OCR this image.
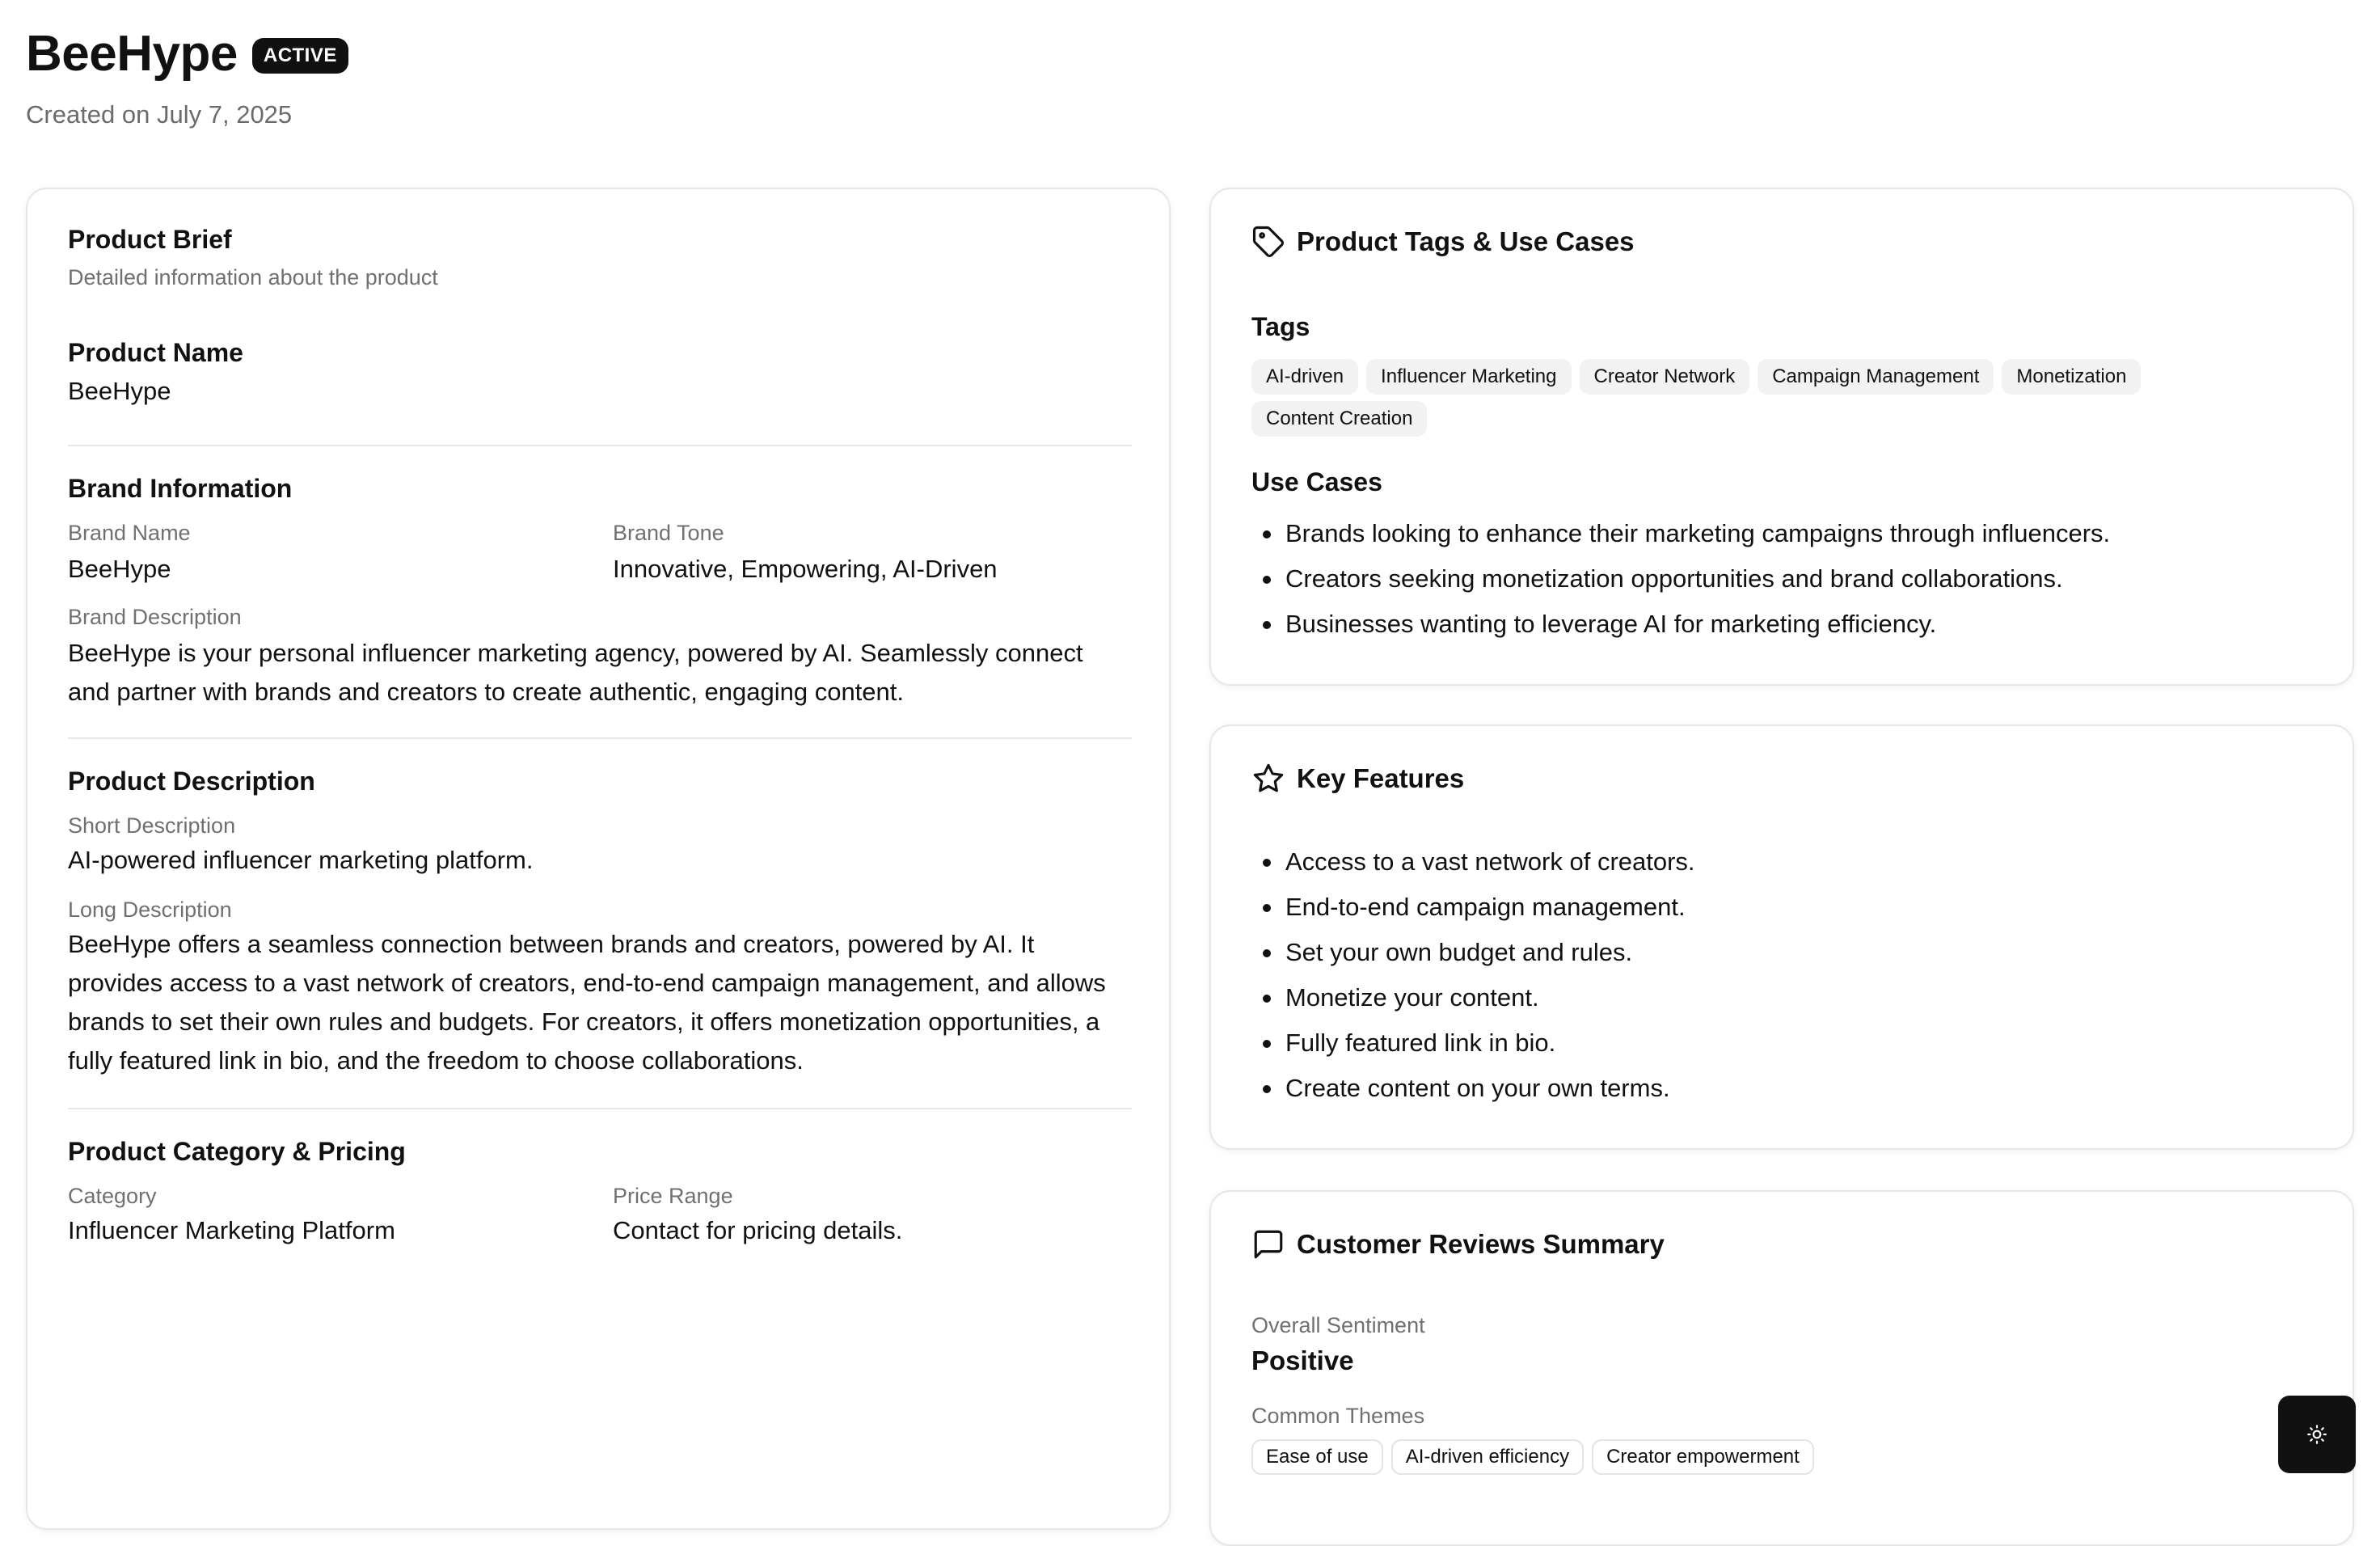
BeeHype	ACTIVE
Created on July 7, 2025
Product Brief
Detailed information about the product
Product Name
BeeHype
Brand Information
Brand Name
BeeHype
Brand Tone
Innovative, Empowering, AI-Driven
Brand Description
BeeHype is your personal influencer marketing agency, powered by AI. Seamlessly connect and partner with brands and creators to create authentic, engaging content.
Product Description
Short Description
AI-powered influencer marketing platform.
Long Description
BeeHype offers a seamless connection between brands and creators, powered by AI. It provides access to a vast network of creators, end-to-end campaign management, and allows brands to set their own rules and budgets. For creators, it offers monetization opportunities, a fully featured link in bio, and the freedom to choose collaborations.
Product Category & Pricing
Category
Influencer Marketing Platform
Price Range
Contact for pricing details.
Product Tags & Use Cases
Tags
AI-driven	Influencer Marketing	Creator Network	Campaign Management	Monetization
Content Creation
Use Cases
Brands looking to enhance their marketing campaigns through influencers.
Creators seeking monetization opportunities and brand collaborations.
Businesses wanting to leverage AI for marketing efficiency.
Key Features
Access to a vast network of creators.
End-to-end campaign management.
Set your own budget and rules.
Monetize your content.
Fully featured link in bio.
Create content on your own terms.
Customer Reviews Summary
Overall Sentiment
Positive
Common Themes
Ease of use	AI-driven efficiency	Creator empowerment
